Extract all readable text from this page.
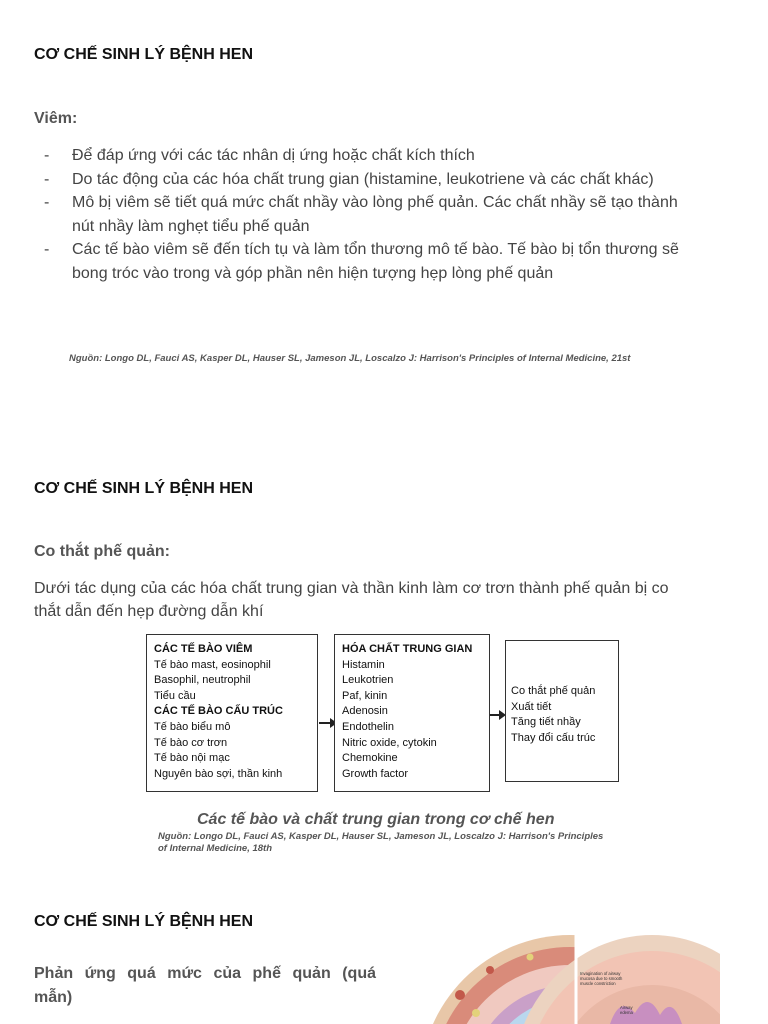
CƠ CHẾ SINH LÝ BỆNH HEN
Viêm:
- Để đáp ứng với các tác nhân dị ứng hoặc chất kích thích
- Do tác động của các hóa chất trung gian (histamine, leukotriene và các chất khác)
- Mô bị viêm sẽ tiết quá mức chất nhầy vào lòng phế quản. Các chất nhầy sẽ tạo thành
nút nhầy làm nghẹt tiểu phế quản
- Các tế bào viêm sẽ đến tích tụ và làm tổn thương mô tế bào. Tế bào bị tổn thương sẽ
bong tróc vào trong và góp phần nên hiện tượng hẹp lòng phế quản
Nguồn: Longo DL, Fauci AS, Kasper DL, Hauser SL, Jameson JL, Loscalzo J: Harrison's Principles of Internal Medicine, 21st
CƠ CHẾ SINH LÝ BỆNH HEN
Co thắt phế quản:
Dưới tác dụng của các hóa chất trung gian và thần kinh làm cơ trơn thành phế quản bị co
thắt dẫn đến hẹp đường dẫn khí
CÁC TẾ BÀO VIÊM
Tế bào mast, eosinophil
Basophil, neutrophil
Tiểu cầu
CÁC TẾ BÀO CẤU TRÚC
Tế bào biểu mô
Tế bào cơ trơn
Tế bào nội mạc
Nguyên bào sợi, thần kinh
HÓA CHẤT TRUNG GIAN
Histamin
Leukotrien
Paf, kinin
Adenosin
Endothelin
Nitric oxide, cytokin
Chemokine
Growth factor
Co thắt phế quản
Xuất tiết
Tăng tiết nhầy
Thay đổi cấu trúc
Các tế bào và chất trung gian trong cơ chế hen
Nguồn: Longo DL, Fauci AS, Kasper DL, Hauser SL, Jameson JL, Loscalzo J: Harrison's Principles
of Internal Medicine, 18th
CƠ CHẾ SINH LÝ BỆNH HEN
Phản ứng quá mức của phế quản (quá
mẫn)
Invagination of airway mucosa due to smooth muscle constriction
Airway edema
